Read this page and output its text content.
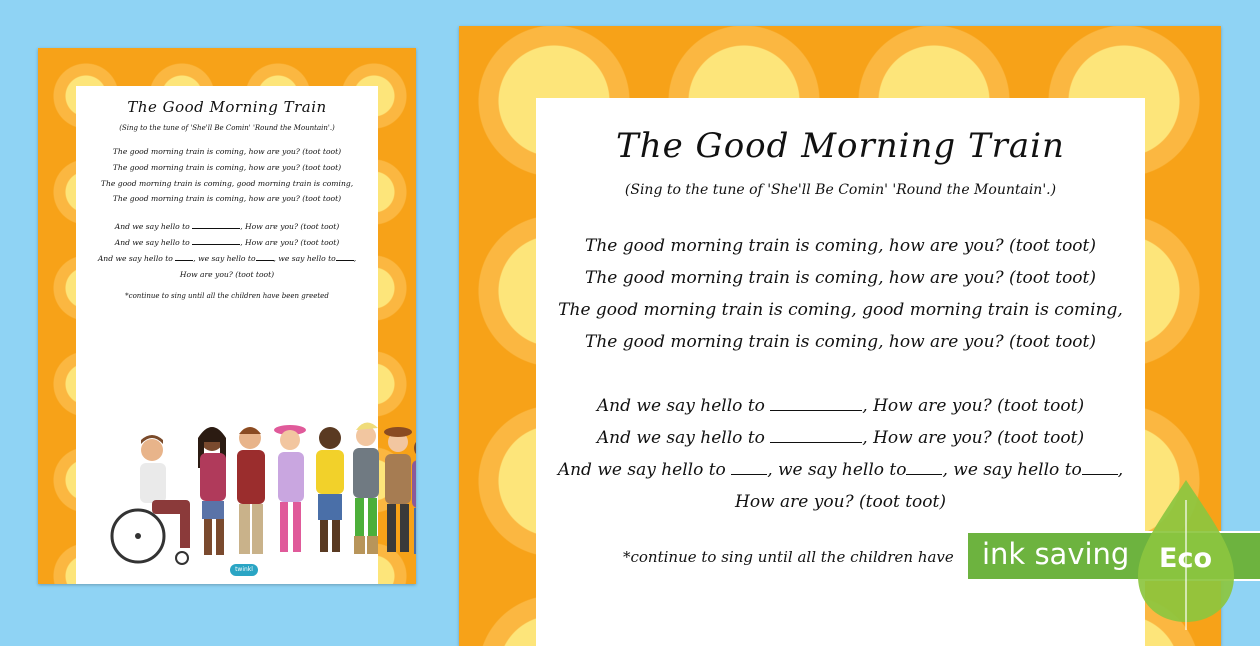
The Good Morning Train
(Sing to the tune of 'She'll Be Comin' 'Round the Mountain'.)
The good morning train is coming, how are you? (toot toot)
The good morning train is coming, how are you? (toot toot)
The good morning train is coming, good morning train is coming,
The good morning train is coming, how are you? (toot toot)
And we say hello to	, How are you? (toot toot)
And we say hello to	, How are you? (toot toot)
And we say hello to	, we say hello to , we say hello to ,
How are you? (toot toot)
*continue to sing until all the children have been greeted
twinkl
The Good Morning Train
(Sing to the tune of 'She'll Be Comin' 'Round the Mountain'.)
The good morning train is coming, how are you? (toot toot)
The good morning train is coming, how are you? (toot toot)
The good morning train is coming, good morning train is coming,
The good morning train is coming, how are you? (toot toot)
And we say hello to	, How are you? (toot toot)
And we say hello to	, How are you? (toot toot)
And we say hello to , we say hello to , we say hello to ,
How are you? (toot toot)
*continue to sing until all the children have ink saving Eco
